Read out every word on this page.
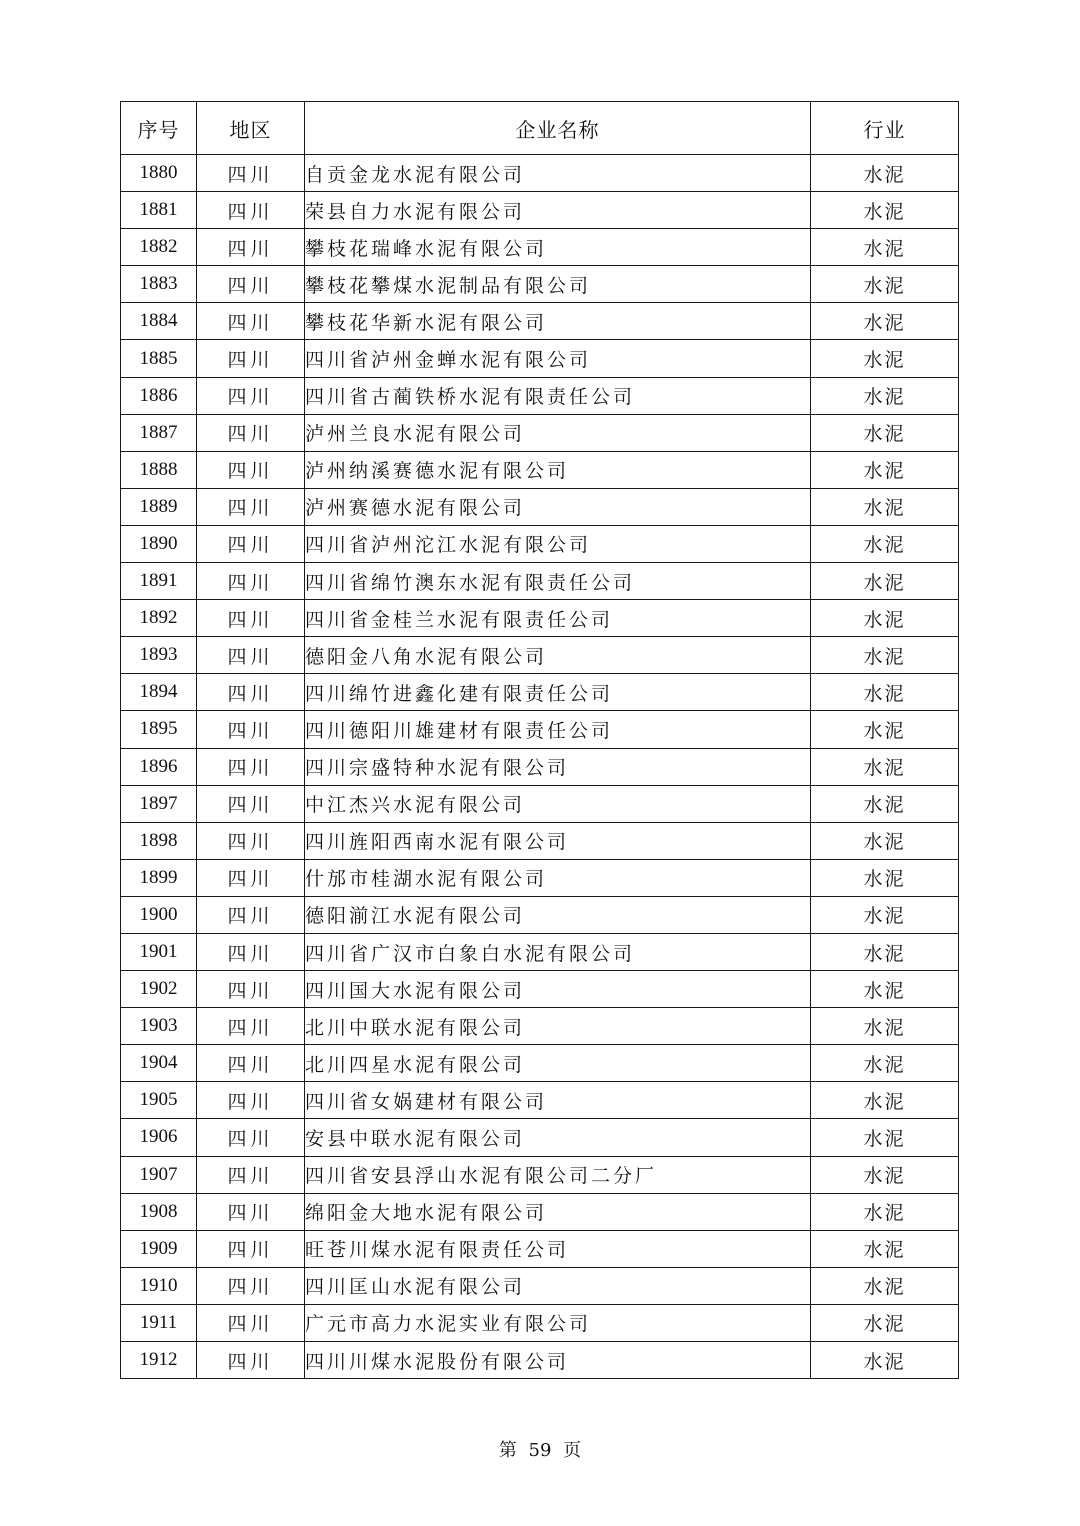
序号	地区	企业名称	行业
1880	四川	自贡金龙水泥有限公司	水泥
1881	四川	荣县自力水泥有限公司	水泥
1882	四川	攀枝花瑞峰水泥有限公司	水泥
1883	四川	攀枝花攀煤水泥制品有限公司	水泥
1884	四川	攀枝花华新水泥有限公司	水泥
1885	四川	四川省泸州金蝉水泥有限公司	水泥
1886	四川	四川省古蔺铁桥水泥有限责任公司	水泥
1887	四川	泸州兰良水泥有限公司	水泥
1888	四川	泸州纳溪赛德水泥有限公司	水泥
1889	四川	泸州赛德水泥有限公司	水泥
1890	四川	四川省泸州沱江水泥有限公司	水泥
1891	四川	四川省绵竹澳东水泥有限责任公司	水泥
1892	四川	四川省金桂兰水泥有限责任公司	水泥
1893	四川	德阳金八角水泥有限公司	水泥
1894	四川	四川绵竹进鑫化建有限责任公司	水泥
1895	四川	四川德阳川雄建材有限责任公司	水泥
1896	四川	四川宗盛特种水泥有限公司	水泥
1897	四川	中江杰兴水泥有限公司	水泥
1898	四川	四川旌阳西南水泥有限公司	水泥
1899	四川	什邡市桂湖水泥有限公司	水泥
1900	四川	德阳湔江水泥有限公司	水泥
1901	四川	四川省广汉市白象白水泥有限公司	水泥
1902	四川	四川国大水泥有限公司	水泥
1903	四川	北川中联水泥有限公司	水泥
1904	四川	北川四星水泥有限公司	水泥
1905	四川	四川省女娲建材有限公司	水泥
1906	四川	安县中联水泥有限公司	水泥
1907	四川	四川省安县浮山水泥有限公司二分厂	水泥
1908	四川	绵阳金大地水泥有限公司	水泥
1909	四川	旺苍川煤水泥有限责任公司	水泥
1910	四川	四川匡山水泥有限公司	水泥
1911	四川	广元市高力水泥实业有限公司	水泥
1912	四川	四川川煤水泥股份有限公司	水泥
第 59 页
